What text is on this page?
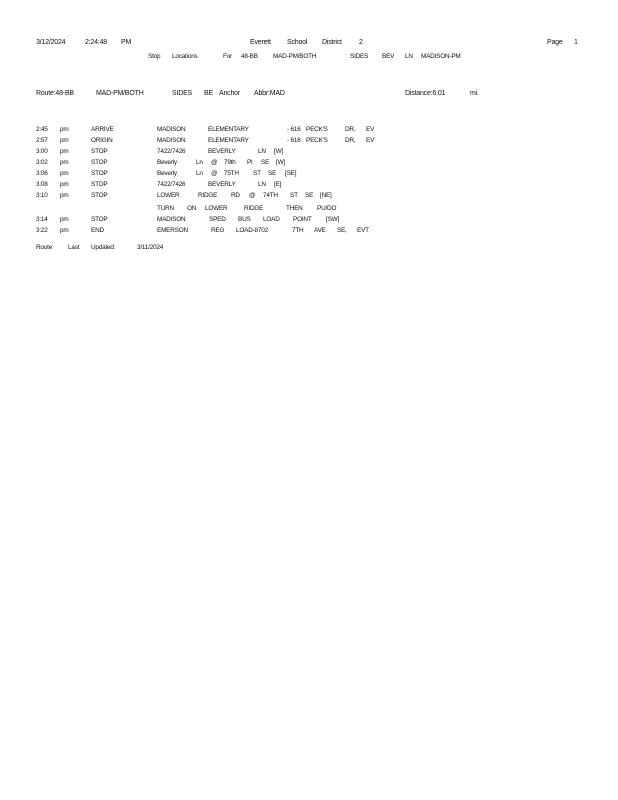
3/12/2024	2:24:48 PM	Everett School District 2	Page 1
Stop Locations	For 48-BB MAD-PM/BOTH	SIDES BEV LN MADISON-PM
Route:48-BB	MAD-PM/BOTH	SIDES BE Anchor Abbr:MAD	Distance:6.01	mi.
2:45 pm	ARRIVE	MADISON	ELEMENTARY	- 616 PECK'S	DR, EV
2:57 pm	ORIGIN	MADISON	ELEMENTARY	- 616 PECK'S	DR, EV
3:00 pm	STOP	7422/7426	BEVERLY	LN [W]
3:02 pm	STOP	Beverly	Ln @ 79th Pl SE [W]
3:06 pm	STOP	Beverly	Ln @ 75TH ST SE [SE]
3:08 pm	STOP	7422/7426	BEVERLY	LN [E]
3:10 pm	STOP	LOWER	RIDGE RD @ 74TH ST SE [NE]
TURN ON LOWER	RIDGE	THEN PU/DO
3:14 pm	STOP	MADISON	SPED BUS LOAD POINT [SW]
3:22 pm	END	EMERSON	REG LOAD-8702	7TH AVE SE, EVT
Route Last Updated:	3/11/2024
